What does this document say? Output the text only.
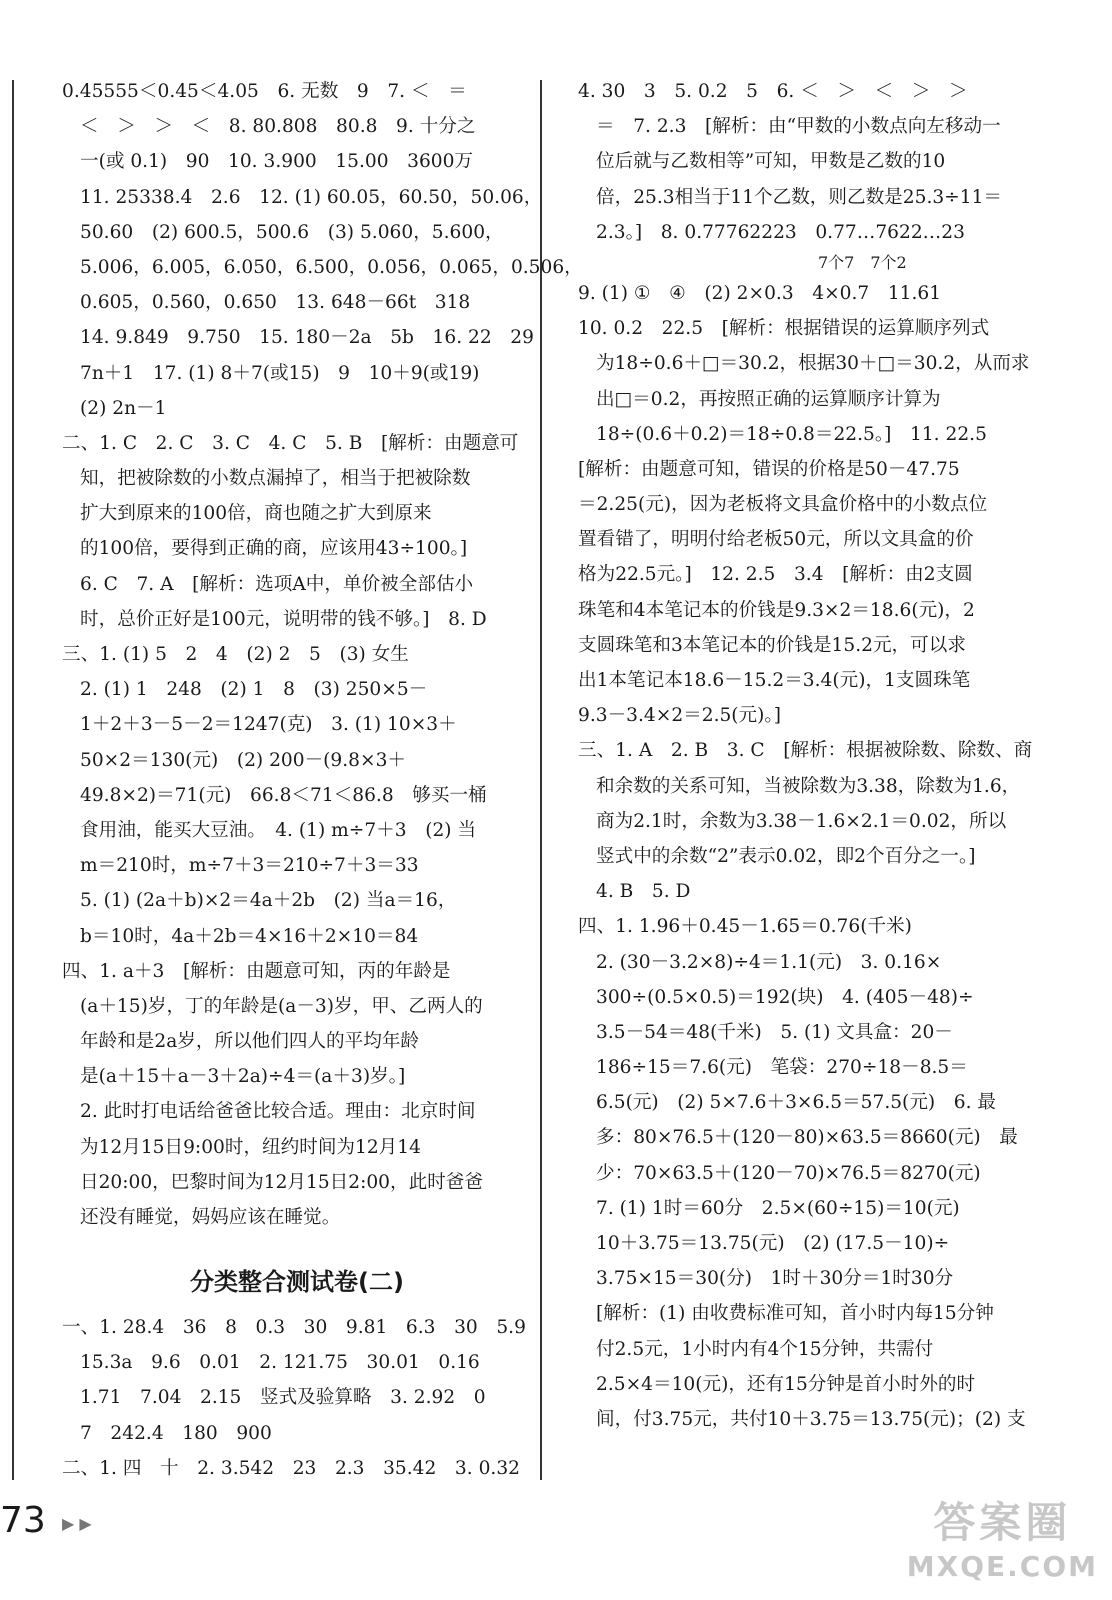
0.45555＜0.45＜4.05　6. 无数　9　7. ＜　＝
＜　＞　＞　＜　8. 80.808　80.8　9. 十分之
一(或 0.1)　90　10. 3.900　15.00　3600万
11. 25338.4　2.6　12. (1) 60.05，60.50，50.06，
50.60　(2) 600.5，500.6　(3) 5.060，5.600，
5.006，6.005，6.050，6.500，0.056，0.065，0.506，
0.605，0.560，0.650　13. 648－66t　318
14. 9.849　9.750　15. 180－2a　5b　16. 22　29
7n＋1　17. (1) 8＋7(或15)　9　10＋9(或19)
(2) 2n－1
二、1. C　2. C　3. C　4. C　5. B　[解析：由题意可
知，把被除数的小数点漏掉了，相当于把被除数
扩大到原来的100倍，商也随之扩大到原来
的100倍，要得到正确的商，应该用43÷100。]
6. C　7. A　[解析：选项A中，单价被全部估小
时，总价正好是100元，说明带的钱不够。]　8. D
三、1. (1) 5　2　4　(2) 2　5　(3) 女生
2. (1) 1　248　(2) 1　8　(3) 250×5－
1＋2＋3－5－2＝1247(克)　3. (1) 10×3＋
50×2＝130(元)　(2) 200－(9.8×3＋
49.8×2)＝71(元)　66.8＜71＜86.8　够买一桶
食用油，能买大豆油。　4. (1) m÷7＋3　(2) 当
m＝210时，m÷7＋3＝210÷7＋3＝33
5. (1) (2a＋b)×2＝4a＋2b　(2) 当a＝16，
b＝10时，4a＋2b＝4×16＋2×10＝84
四、1. a＋3　[解析：由题意可知，丙的年龄是
(a＋15)岁，丁的年龄是(a－3)岁，甲、乙两人的
年龄和是2a岁，所以他们四人的平均年龄
是(a＋15＋a－3＋2a)÷4＝(a＋3)岁。]
2. 此时打电话给爸爸比较合适。理由：北京时间
为12月15日9:00时，纽约时间为12月14
日20:00，巴黎时间为12月15日2:00，此时爸爸
还没有睡觉，妈妈应该在睡觉。
4. 30　3　5. 0.2　5　6. ＜　＞　＜　＞　＞
＝　7. 2.3　[解析：由“甲数的小数点向左移动一
位后就与乙数相等”可知，甲数是乙数的10
倍，25.3相当于11个乙数，则乙数是25.3÷11＝
2.3。]　8. 0.77762223　0.77…7622…23
7个7　7个2
9. (1) ①　④　(2) 2×0.3　4×0.7　11.61
10. 0.2　22.5　[解析：根据错误的运算顺序列式
为18÷0.6＋□＝30.2，根据30＋□＝30.2，从而求
出□＝0.2，再按照正确的运算顺序计算为
18÷(0.6＋0.2)＝18÷0.8＝22.5。]　11. 22.5
[解析：由题意可知，错误的价格是50－47.75
＝2.25(元)，因为老板将文具盒价格中的小数点位
置看错了，明明付给老板50元，所以文具盒的价
格为22.5元。]　12. 2.5　3.4　[解析：由2支圆
珠笔和4本笔记本的价钱是9.3×2＝18.6(元)，2
支圆珠笔和3本笔记本的价钱是15.2元，可以求
出1本笔记本18.6－15.2＝3.4(元)，1支圆珠笔
9.3－3.4×2＝2.5(元)。]
三、1. A　2. B　3. C　[解析：根据被除数、除数、商
和余数的关系可知，当被除数为3.38，除数为1.6，
商为2.1时，余数为3.38－1.6×2.1＝0.02，所以
竖式中的余数“2”表示0.02，即2个百分之一。]
4. B　5. D
四、1. 1.96＋0.45－1.65＝0.76(千米)
2. (30－3.2×8)÷4＝1.1(元)　3. 0.16×
300÷(0.5×0.5)＝192(块)　4. (405－48)÷
3.5－54＝48(千米)　5. (1) 文具盒：20－
186÷15＝7.6(元)　笔袋：270÷18－8.5＝
6.5(元)　(2) 5×7.6＋3×6.5＝57.5(元)　6. 最
多：80×76.5＋(120－80)×63.5＝8660(元)　最
少：70×63.5＋(120－70)×76.5＝8270(元)
7. (1) 1时＝60分　2.5×(60÷15)＝10(元)
10＋3.75＝13.75(元)　(2) (17.5－10)÷
3.75×15＝30(分)　1时＋30分＝1时30分
[解析：(1) 由收费标准可知，首小时内每15分钟
付2.5元，1小时内有4个15分钟，共需付
2.5×4＝10(元)，还有15分钟是首小时外的时
间，付3.75元，共付10＋3.75＝13.75(元)；(2) 支
分类整合测试卷(二)
一、1. 28.4　36　8　0.3　30　9.81　6.3　30　5.9
15.3a　9.6　0.01　2. 121.75　30.01　0.16
1.71　7.04　2.15　竖式及验算略　3. 2.92　0
7　242.4　180　900
二、1. 四　十　2. 3.542　23　2.3　35.42　3. 0.32
73 ▶ ▶	答案圈
MXQE.COM
